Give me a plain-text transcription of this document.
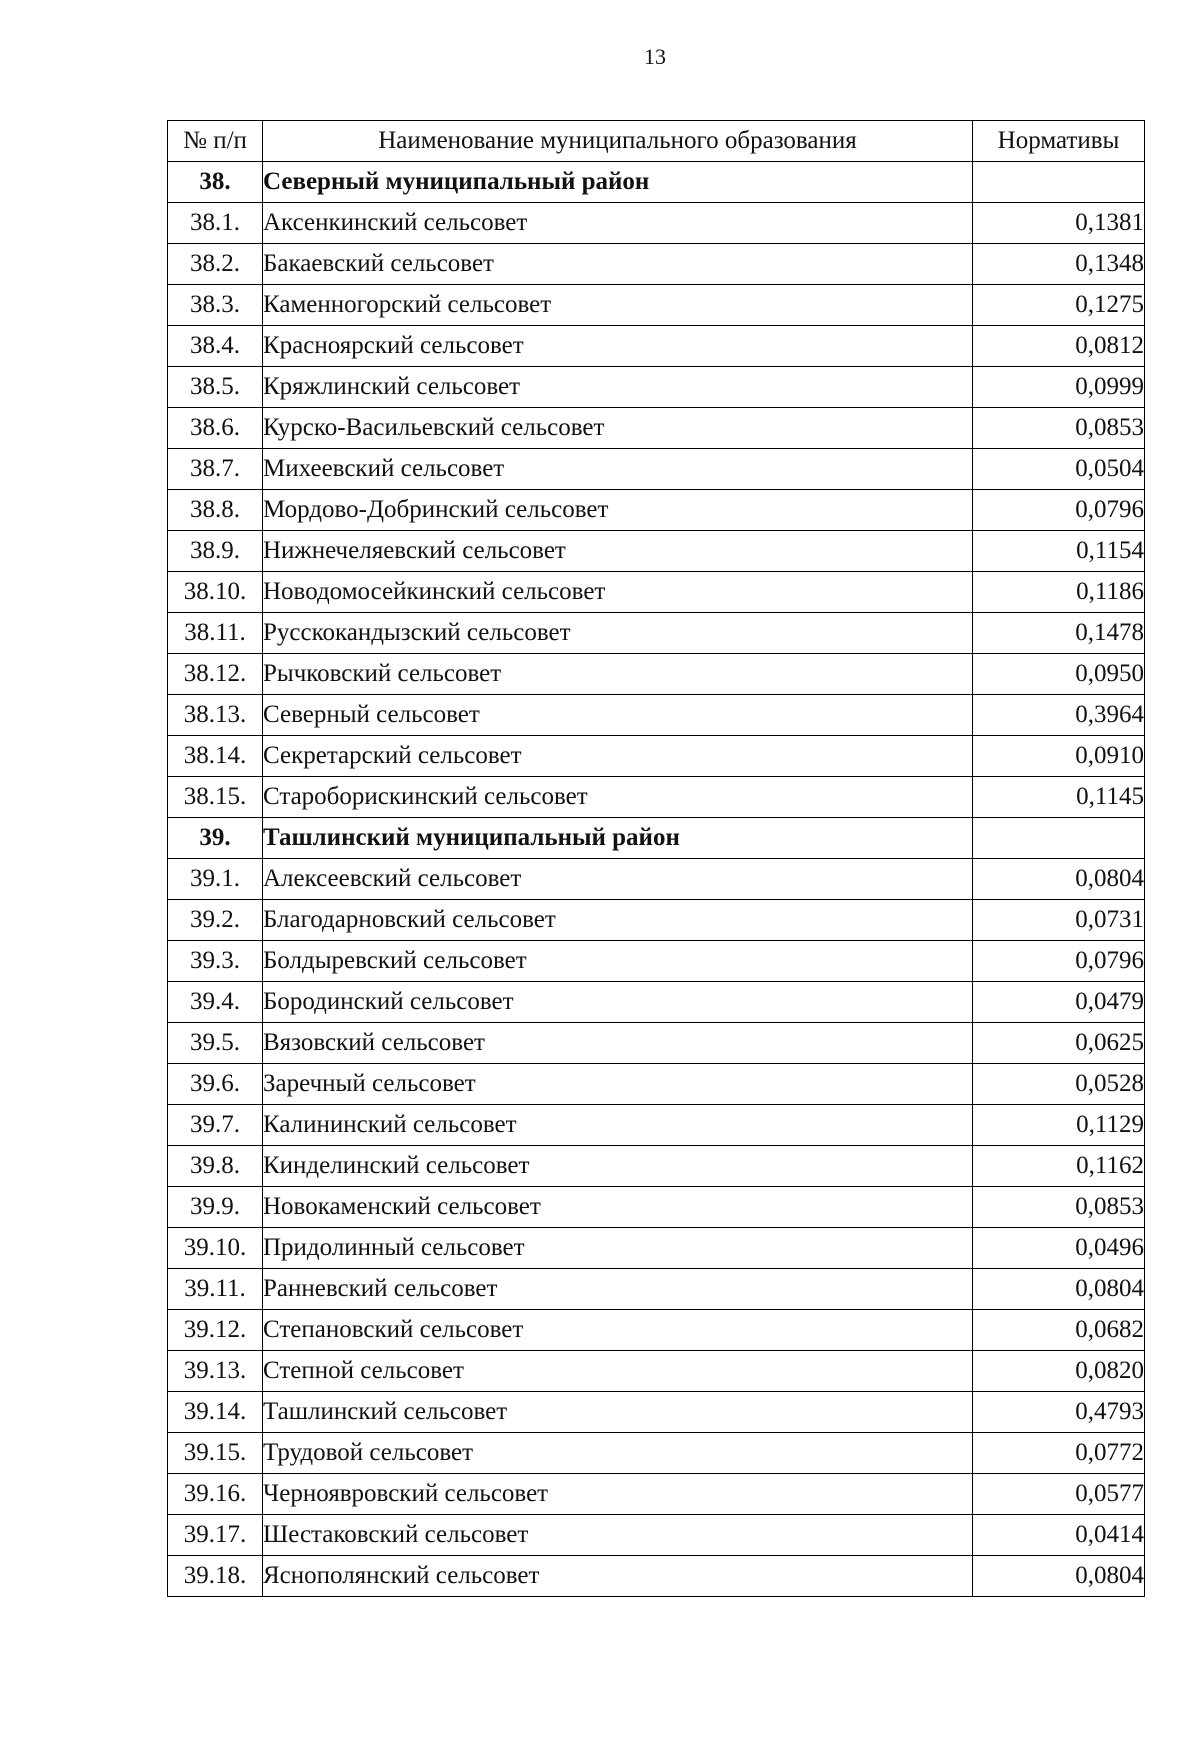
13
№ п/п	Наименование муниципального образования	Нормативы
38.	Северный муниципальный район	
38.1.	Аксенкинский сельсовет	0,1381
38.2.	Бакаевский сельсовет	0,1348
38.3.	Каменногорский сельсовет	0,1275
38.4.	Красноярский сельсовет	0,0812
38.5.	Кряжлинский сельсовет	0,0999
38.6.	Курско-Васильевский сельсовет	0,0853
38.7.	Михеевский сельсовет	0,0504
38.8.	Мордово-Добринский сельсовет	0,0796
38.9.	Нижнечеляевский сельсовет	0,1154
38.10.	Новодомосейкинский сельсовет	0,1186
38.11.	Русскокандызский сельсовет	0,1478
38.12.	Рычковский сельсовет	0,0950
38.13.	Северный сельсовет	0,3964
38.14.	Секретарский сельсовет	0,0910
38.15.	Староборискинский сельсовет	0,1145
39.	Ташлинский муниципальный район	
39.1.	Алексеевский сельсовет	0,0804
39.2.	Благодарновский сельсовет	0,0731
39.3.	Болдыревский сельсовет	0,0796
39.4.	Бородинский сельсовет	0,0479
39.5.	Вязовский сельсовет	0,0625
39.6.	Заречный сельсовет	0,0528
39.7.	Калининский сельсовет	0,1129
39.8.	Кинделинский сельсовет	0,1162
39.9.	Новокаменский сельсовет	0,0853
39.10.	Придолинный сельсовет	0,0496
39.11.	Ранневский сельсовет	0,0804
39.12.	Степановский сельсовет	0,0682
39.13.	Степной сельсовет	0,0820
39.14.	Ташлинский сельсовет	0,4793
39.15.	Трудовой сельсовет	0,0772
39.16.	Черноявровский сельсовет	0,0577
39.17.	Шестаковский сельсовет	0,0414
39.18.	Яснополянский сельсовет	0,0804
